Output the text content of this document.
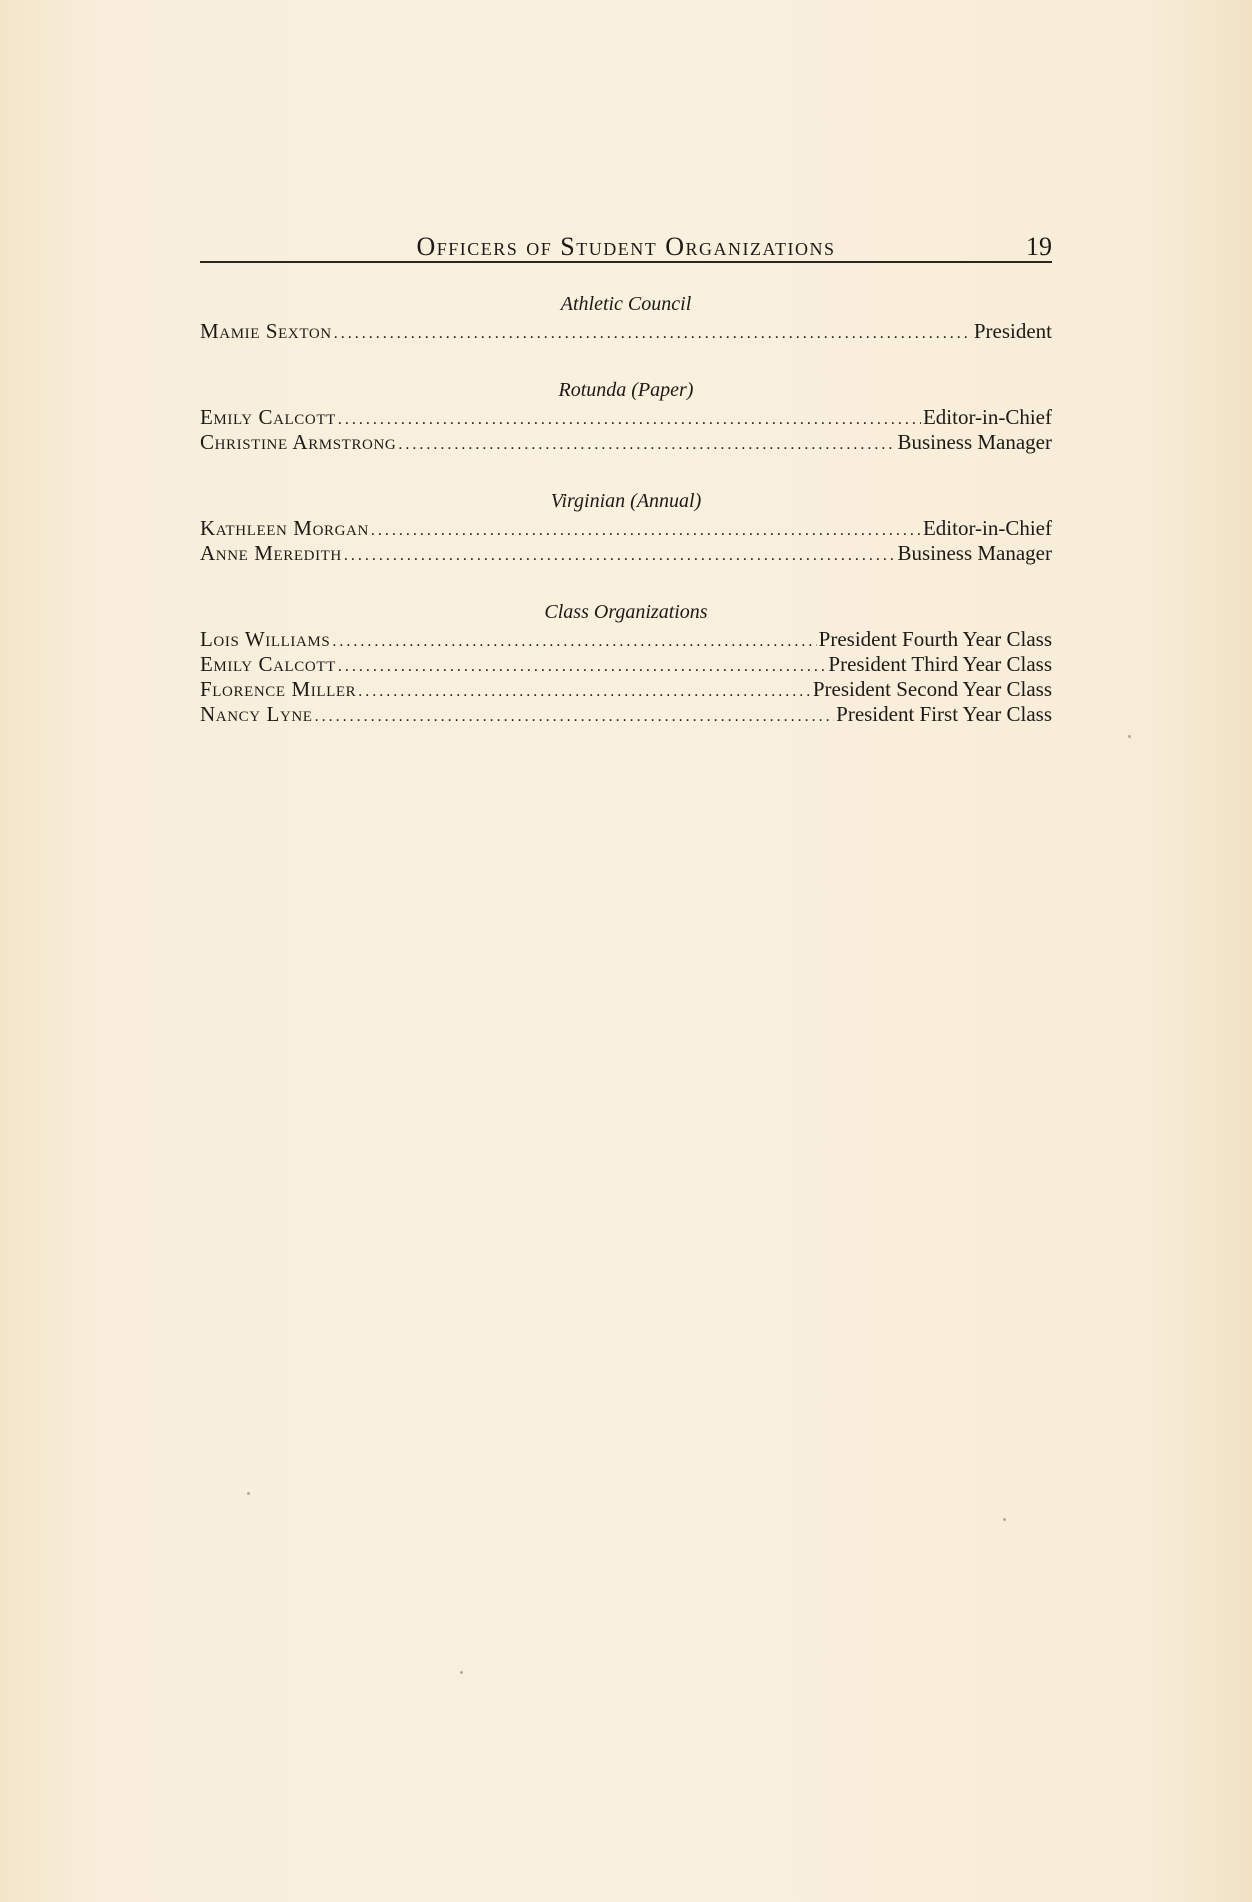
Officers of Student Organizations	19
Athletic Council
Mamie Sexton .....	President
Rotunda (Paper)
Emily Calcott .....	Editor-in-Chief
Christine Armstrong .....	Business Manager
Virginian (Annual)
Kathleen Morgan .....	Editor-in-Chief
Anne Meredith .....	Business Manager
Class Organizations
Lois Williams .....	President Fourth Year Class
Emily Calcott .....	President Third Year Class
Florence Miller .....	President Second Year Class
Nancy Lyne .....	President First Year Class
